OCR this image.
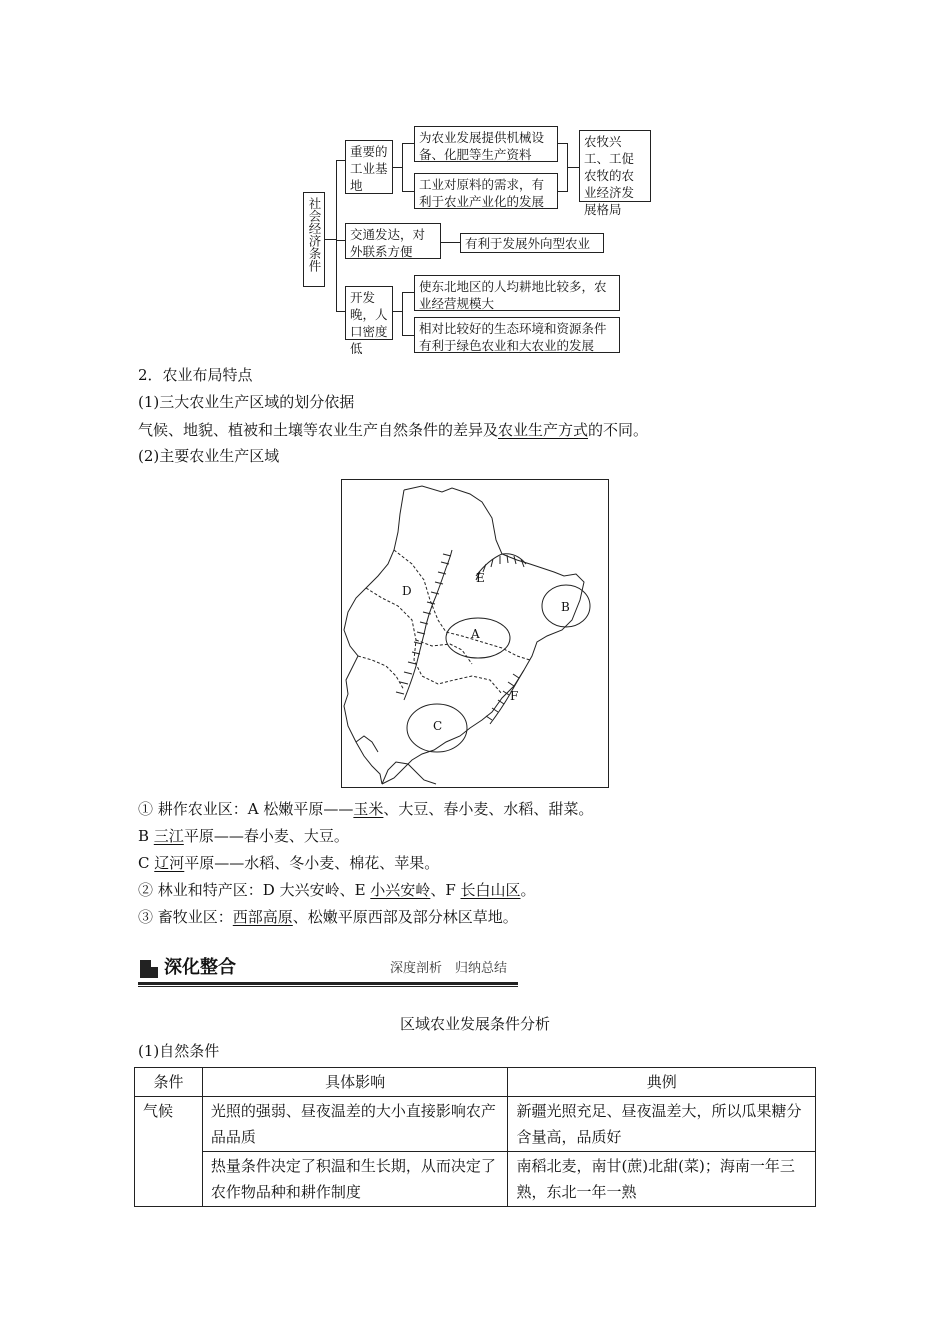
社会经济条件
重要的工业基地
交通发达，对外联系方便
开发晚，人口密度低
为农业发展提供机械设备、化肥等生产资料
工业对原料的需求，有利于农业产业化的发展
农牧兴工、工促农牧的农业经济发展格局
有利于发展外向型农业
使东北地区的人均耕地比较多，农业经营规模大
相对比较好的生态环境和资源条件有利于绿色农业和大农业的发展
2．农业布局特点
(1)三大农业生产区域的划分依据
气候、地貌、植被和土壤等农业生产自然条件的差异及农业生产方式的不同。
(2)主要农业生产区域
A
B
C
D
E
F
① 耕作农业区：A 松嫩平原——玉米、大豆、春小麦、水稻、甜菜。
B 三江平原——春小麦、大豆。
C 辽河平原——水稻、冬小麦、棉花、苹果。
② 林业和特产区：D 大兴安岭、E 小兴安岭、F 长白山区。
③ 畜牧业区：西部高原、松嫩平原西部及部分林区草地。
深化整合	深度剖析　归纳总结
区域农业发展条件分析
(1)自然条件
条件	具体影响	典例
气候	光照的强弱、昼夜温差的大小直接影响农产品品质	新疆光照充足、昼夜温差大，所以瓜果糖分含量高，品质好
	热量条件决定了积温和生长期，从而决定了农作物品种和耕作制度	南稻北麦，南甘(蔗)北甜(菜)；海南一年三熟，东北一年一熟
